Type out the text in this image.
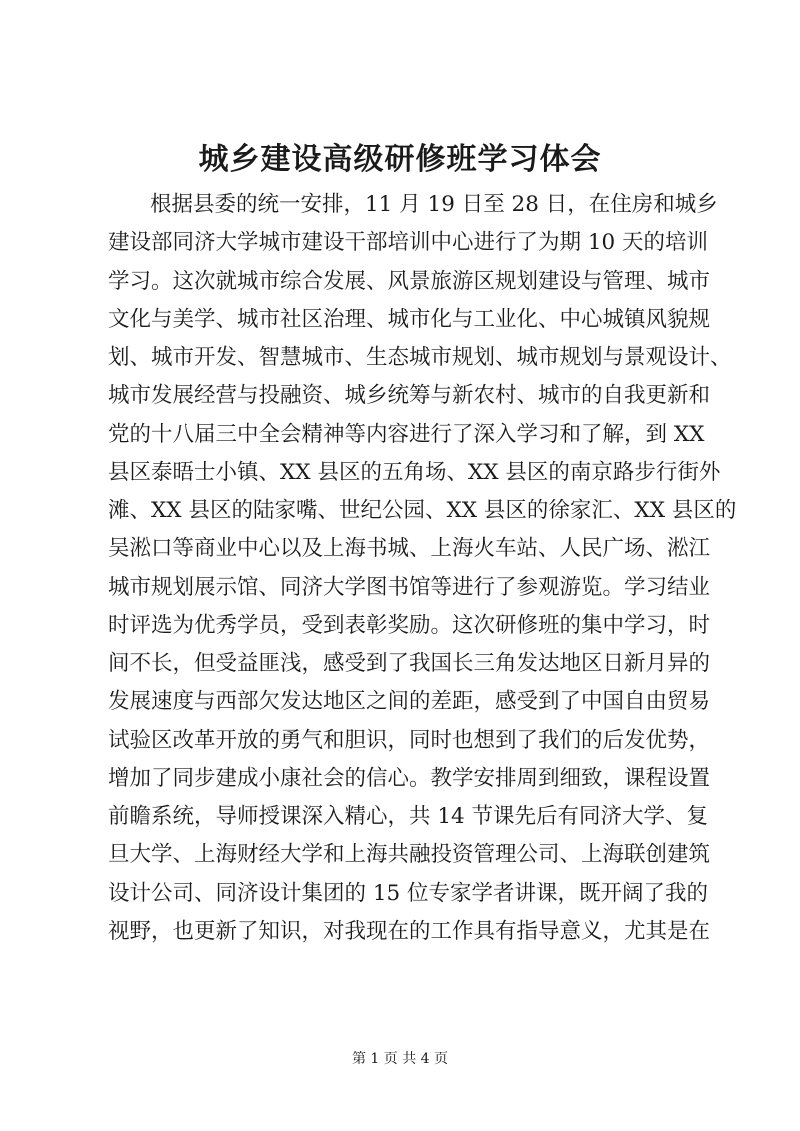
城乡建设高级研修班学习体会
根据县委的统一安排，11 月 19 日至 28 日，在住房和城乡
建设部同济大学城市建设干部培训中心进行了为期 10 天的培训
学习。这次就城市综合发展、风景旅游区规划建设与管理、城市
文化与美学、城市社区治理、城市化与工业化、中心城镇风貌规
划、城市开发、智慧城市、生态城市规划、城市规划与景观设计、
城市发展经营与投融资、城乡统筹与新农村、城市的自我更新和
党的十八届三中全会精神等内容进行了深入学习和了解，到 XX
县区泰晤士小镇、XX 县区的五角场、XX 县区的南京路步行街外
滩、XX 县区的陆家嘴、世纪公园、XX 县区的徐家汇、XX 县区的
吴淞口等商业中心以及上海书城、上海火车站、人民广场、淞江
城市规划展示馆、同济大学图书馆等进行了参观游览。学习结业
时评选为优秀学员，受到表彰奖励。这次研修班的集中学习，时
间不长，但受益匪浅，感受到了我国长三角发达地区日新月异的
发展速度与西部欠发达地区之间的差距，感受到了中国自由贸易
试验区改革开放的勇气和胆识，同时也想到了我们的后发优势，
增加了同步建成小康社会的信心。教学安排周到细致，课程设置
前瞻系统，导师授课深入精心，共 14 节课先后有同济大学、复
旦大学、上海财经大学和上海共融投资管理公司、上海联创建筑
设计公司、同济设计集团的 15 位专家学者讲课，既开阔了我的
视野，也更新了知识，对我现在的工作具有指导意义，尤其是在
第 1 页 共 4 页
